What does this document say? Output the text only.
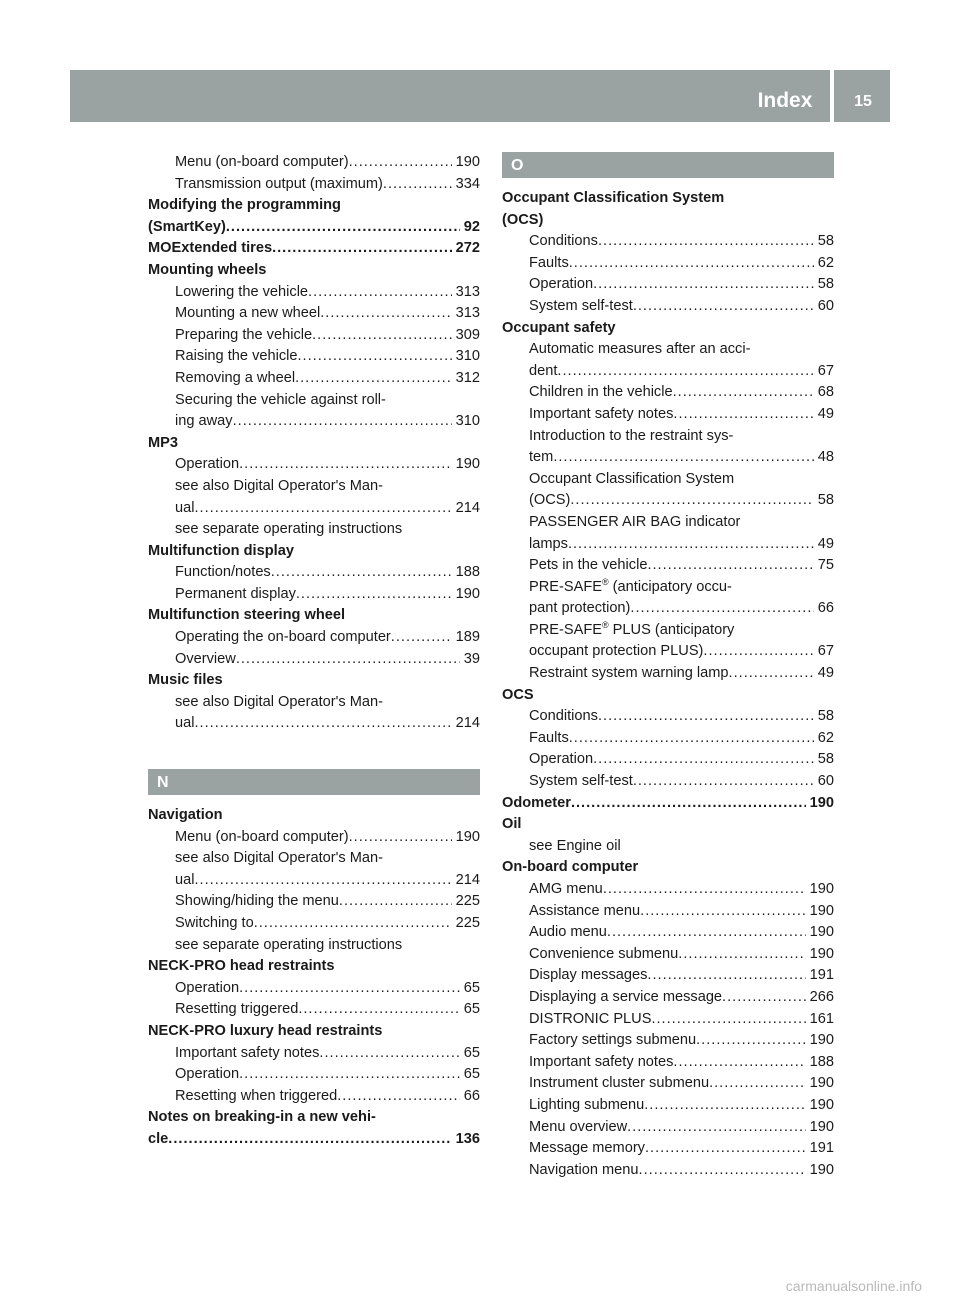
Index	15
Menu (on-board computer)	190
.....
Transmission output (maximum)	334
.....
Modifying the programming
(SmartKey)	92
.....
MOExtended tires	272
.....
Mounting wheels
Lowering the vehicle	313
.....
Mounting a new wheel	313
.....
Preparing the vehicle	309
.....
Raising the vehicle	310
.....
Removing a wheel	312
.....
Securing the vehicle against roll-
ing away	310
.....
MP3
Operation	190
.....
see also Digital Operator's Man-
ual	214
.....
see separate operating instructions
Multifunction display
Function/notes	188
.....
Permanent display	190
.....
Multifunction steering wheel
Operating the on-board computer	189
.....
Overview	39
.....
Music files
see also Digital Operator's Man-
ual	214
.....
N
Navigation
Menu (on-board computer)	190
.....
see also Digital Operator's Man-
ual	214
.....
Showing/hiding the menu	225
.....
Switching to	225
.....
see separate operating instructions
NECK-PRO head restraints
Operation	65
.....
Resetting triggered	65
.....
NECK-PRO luxury head restraints
Important safety notes	65
.....
Operation	65
.....
Resetting when triggered	66
.....
Notes on breaking-in a new vehi-
cle	136
.....
O
Occupant Classification System
(OCS)
Conditions	58
.....
Faults	62
.....
Operation	58
.....
System self-test	60
.....
Occupant safety
Automatic measures after an acci-
dent	67
.....
Children in the vehicle	68
.....
Important safety notes	49
.....
Introduction to the restraint sys-
tem	48
.....
Occupant Classification System
(OCS)	58
.....
PASSENGER AIR BAG indicator
lamps	49
.....
Pets in the vehicle	75
.....
PRE-SAFE® (anticipatory occu-
pant protection)	66
.....
PRE-SAFE® PLUS (anticipatory
occupant protection PLUS)	67
.....
Restraint system warning lamp	49
.....
OCS
Conditions	58
.....
Faults	62
.....
Operation	58
.....
System self-test	60
.....
Odometer	190
.....
Oil
see Engine oil
On-board computer
AMG menu	190
.....
Assistance menu	190
.....
Audio menu	190
.....
Convenience submenu	190
.....
Display messages	191
.....
Displaying a service message	266
.....
DISTRONIC PLUS	161
.....
Factory settings submenu	190
.....
Important safety notes	188
.....
Instrument cluster submenu	190
.....
Lighting submenu	190
.....
Menu overview	190
.....
Message memory	191
.....
Navigation menu	190
.....
carmanualsonline.info
